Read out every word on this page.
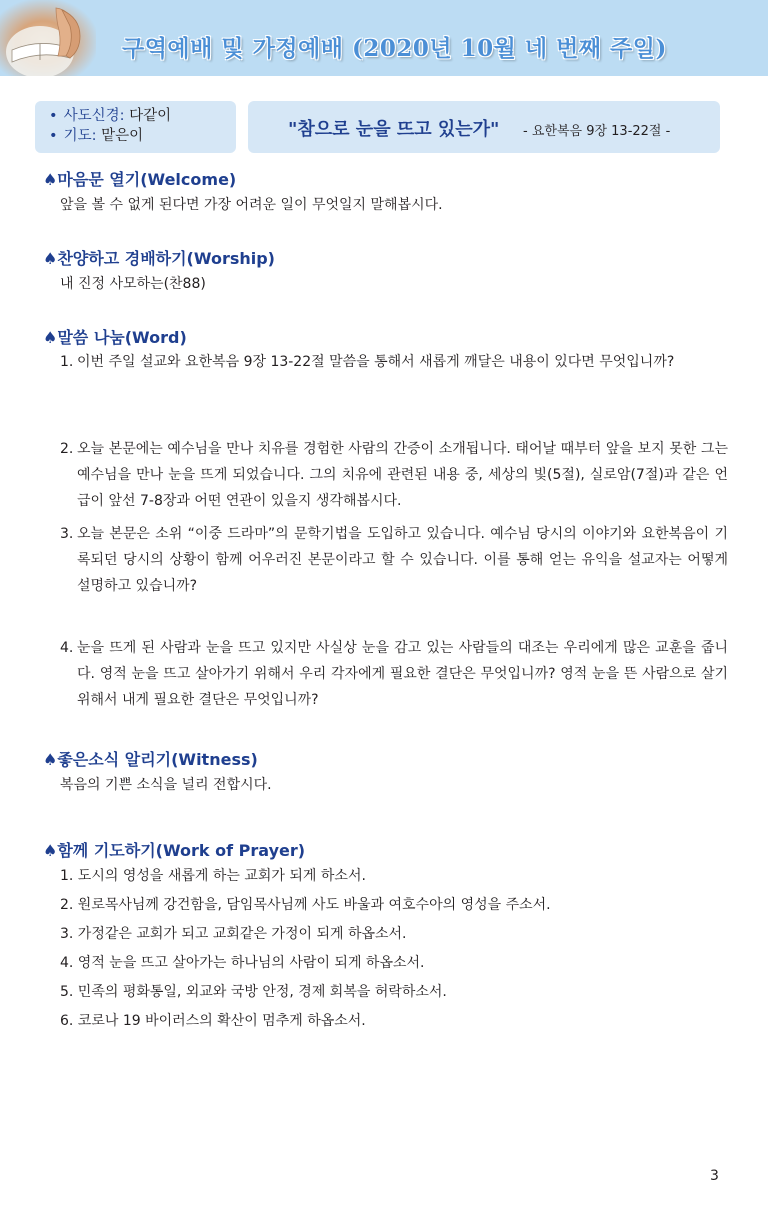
구역예배 및 가정예배 (2020년 10월 네 번째 주일)
• 사도신경: 다같이
• 기도: 맡은이	"참으로 눈을 뜨고 있는가" - 요한복음 9장 13-22절 -
♠마음문 열기(Welcome)
앞을 볼 수 없게 된다면 가장 어려운 일이 무엇일지 말해봅시다.
♠찬양하고 경배하기(Worship)
내 진정 사모하는(찬88)
♠말씀 나눔(Word)
1. 이번 주일 설교와 요한복음 9장 13-22절 말씀을 통해서 새롭게 깨달은 내용이 있다면 무엇입니까?
2. 오늘 본문에는 예수님을 만나 치유를 경험한 사람의 간증이 소개됩니다. 태어날 때부터 앞을 보지 못한 그는 예수님을 만나 눈을 뜨게 되었습니다. 그의 치유에 관련된 내용 중, 세상의 빛(5절), 실로암(7절)과 같은 언급이 앞선 7-8장과 어떤 연관이 있을지 생각해봅시다.
3. 오늘 본문은 소위 “이중 드라마”의 문학기법을 도입하고 있습니다. 예수님 당시의 이야기와 요한복음이 기록되던 당시의 상황이 함께 어우러진 본문이라고 할 수 있습니다. 이를 통해 얻는 유익을 설교자는 어떻게 설명하고 있습니까?
4. 눈을 뜨게 된 사람과 눈을 뜨고 있지만 사실상 눈을 감고 있는 사람들의 대조는 우리에게 많은 교훈을 줍니다. 영적 눈을 뜨고 살아가기 위해서 우리 각자에게 필요한 결단은 무엇입니까? 영적 눈을 뜬 사람으로 살기 위해서 내게 필요한 결단은 무엇입니까?
♠좋은소식 알리기(Witness)
복음의 기쁜 소식을 널리 전합시다.
♠함께 기도하기(Work of Prayer)
1. 도시의 영성을 새롭게 하는 교회가 되게 하소서.
2. 원로목사님께 강건함을, 담임목사님께 사도 바울과 여호수아의 영성을 주소서.
3. 가정같은 교회가 되고 교회같은 가정이 되게 하옵소서.
4. 영적 눈을 뜨고 살아가는 하나님의 사람이 되게 하옵소서.
5. 민족의 평화통일, 외교와 국방 안정, 경제 회복을 허락하소서.
6. 코로나 19 바이러스의 확산이 멈추게 하옵소서.
3
